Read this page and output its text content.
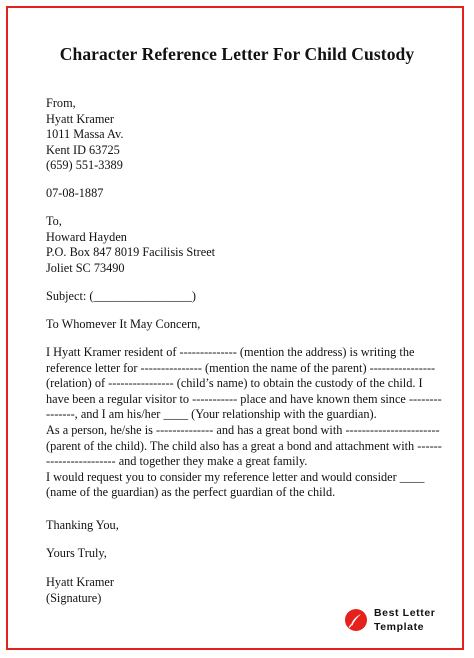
Character Reference Letter For Child Custody
From,
Hyatt Kramer
1011 Massa Av.
Kent ID 63725
(659) 551-3389
07-08-1887
To,
Howard Hayden
P.O. Box 847 8019 Facilisis Street
Joliet SC 73490
Subject: (________________)
To Whomever It May Concern,
I Hyatt Kramer resident of -------------- (mention the address) is writing the
reference letter for --------------- (mention the name of the parent) ----------------
(relation) of ---------------- (child’s name) to obtain the custody of the child. I
have been a regular visitor to ----------- place and have known them since --------
-------, and I am his/her ____ (Your relationship with the guardian).
As a person, he/she is -------------- and has a great bond with -----------------------
(parent of the child). The child also has a great a bond and attachment with ------
----------------- and together they make a great family.
I would request you to consider my reference letter and would consider ____
(name of the guardian) as the perfect guardian of the child.
Thanking You,
Yours Truly,
Hyatt Kramer
(Signature)
Best Letter
Template
